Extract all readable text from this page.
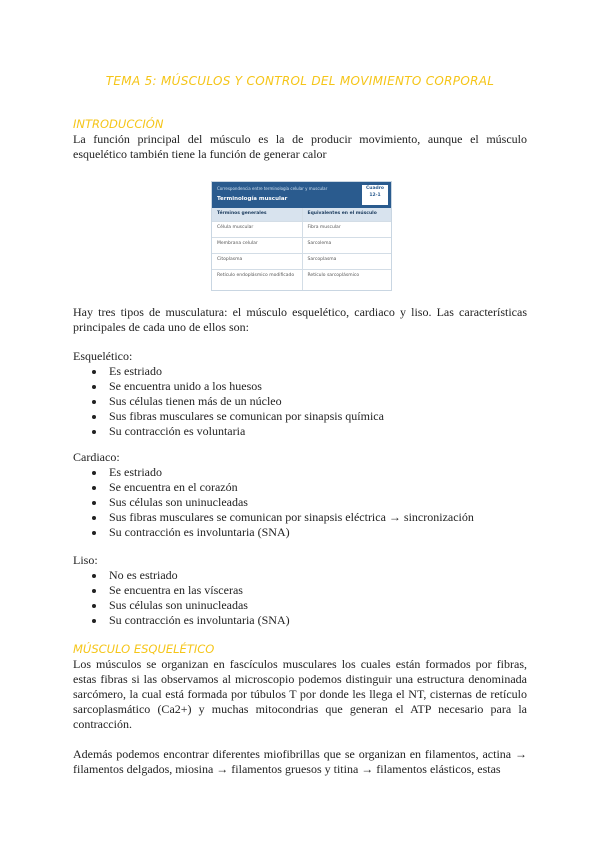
TEMA 5: MÚSCULOS Y CONTROL DEL MOVIMIENTO CORPORAL
INTRODUCCIÓN

La función principal del músculo es la de producir movimiento, aunque el músculo esquelético también tiene la función de generar calor

Correspondencia entre terminología celular y muscular
Terminología muscular
Cuadro 12-1
Términos generales	Equivalentes en el músculo
Célula muscular	Fibra muscular
Membrana celular	Sarcolema
Citoplasma	Sarcoplasma
Retículo endoplásmico modificado	Retículo sarcoplásmico

Hay tres tipos de musculatura: el músculo esquelético, cardiaco y liso. Las características principales de cada uno de ellos son:

Esquelético:

Es estriado
Se encuentra unido a los huesos
Sus células tienen más de un núcleo
Sus fibras musculares se comunican por sinapsis química
Su contracción es voluntaria

Cardiaco:

Es estriado
Se encuentra en el corazón
Sus células son uninucleadas
Sus fibras musculares se comunican por sinapsis eléctrica → sincronización
Su contracción es involuntaria (SNA)

Liso:

No es estriado
Se encuentra en las vísceras
Sus células son uninucleadas
Su contracción es involuntaria (SNA)
MÚSCULO ESQUELÉTICO

Los músculos se organizan en fascículos musculares los cuales están formados por fibras, estas fibras si las observamos al microscopio podemos distinguir una estructura denominada sarcómero, la cual está formada por túbulos T por donde les llega el NT, cisternas de retículo sarcoplasmático (Ca2+) y muchas mitocondrias que generan el ATP necesario para la contracción.

Además podemos encontrar diferentes miofibrillas que se organizan en filamentos, actina → filamentos delgados, miosina → filamentos gruesos y titina → filamentos elásticos, estas
